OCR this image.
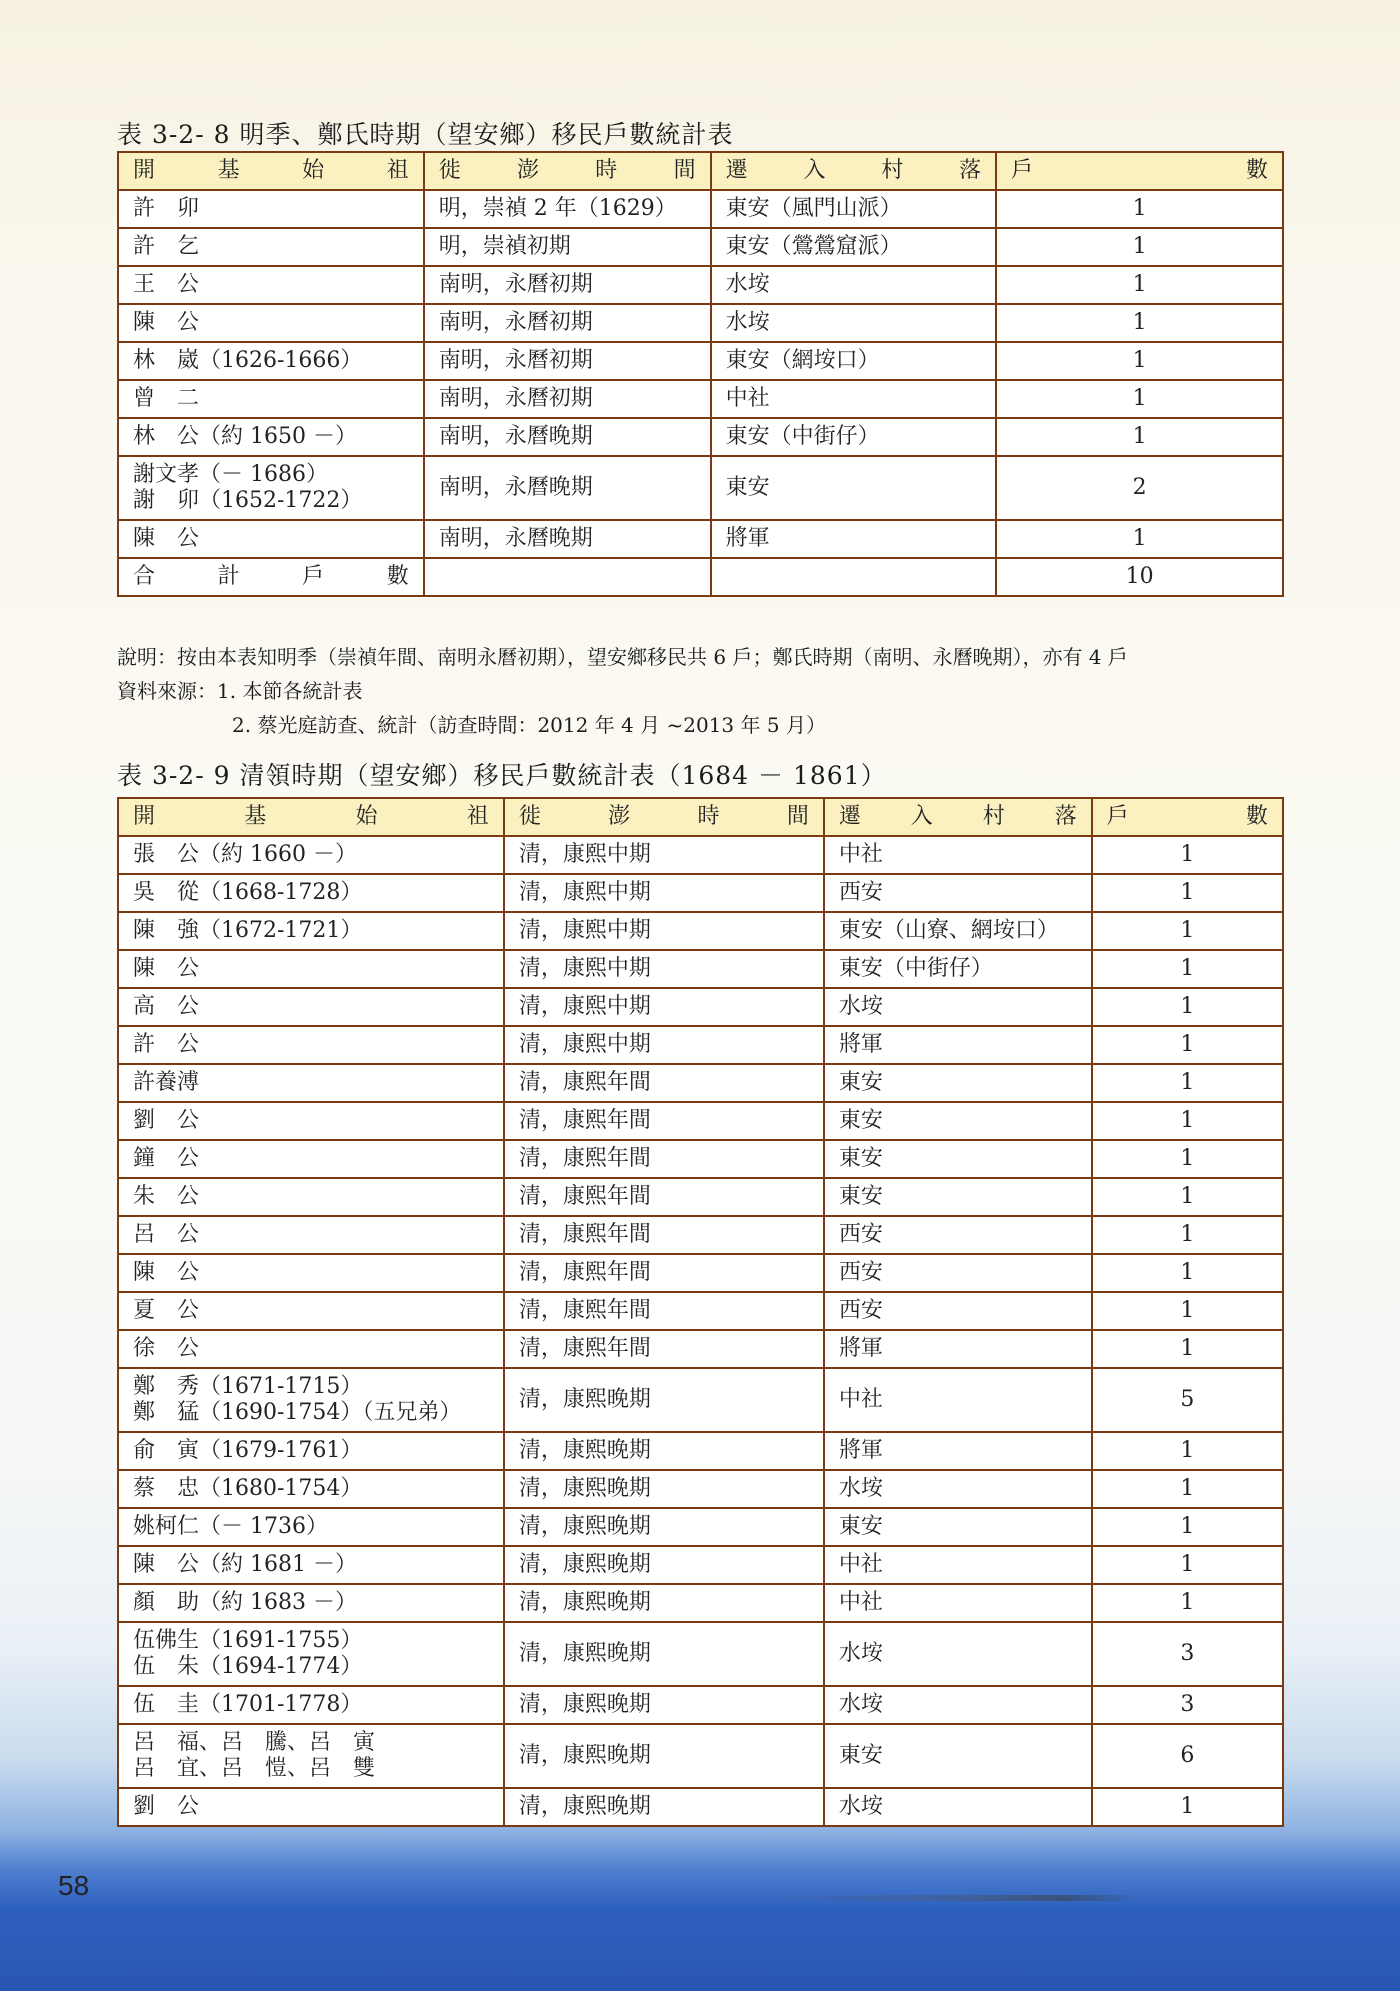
表 3-2- 8 明季、鄭氏時期（望安鄉）移民戶數統計表
開 基 始 祖	徙 澎 時 間	遷 入 村 落	戶 數

許　卯	明，崇禎 2 年（1629）	東安（風門山派）	1

許　乞	明，崇禎初期	東安（鶯鶯窟派）	1

王　公	南明，永曆初期	水垵	1

陳　公	南明，永曆初期	水垵	1

林　崴（1626-1666）	南明，永曆初期	東安（網垵口）	1

曾　二	南明，永曆初期	中社	1

林　公（約 1650 －）	南明，永曆晚期	東安（中街仔）	1

謝文孝（－ 1686）
謝　卯（1652-1722）	南明，永曆晚期	東安	2

陳　公	南明，永曆晚期	將軍	1

合 計 戶 數			10
說明：按由本表知明季（崇禎年間、南明永曆初期），望安鄉移民共 6 戶；鄭氏時期（南明、永曆晚期），亦有 4 戶
資料來源：1. 本節各統計表
2. 蔡光庭訪查、統計（訪查時間：2012 年 4 月 ~2013 年 5 月）
表 3-2- 9 清領時期（望安鄉）移民戶數統計表（1684 － 1861）
開 基 始 祖	徙 澎 時 間	遷 入 村 落	戶 數

張　公（約 1660 －）	清，康熙中期	中社	1

吳　從（1668-1728）	清，康熙中期	西安	1

陳　強（1672-1721）	清，康熙中期	東安（山寮、網垵口）	1

陳　公	清，康熙中期	東安（中街仔）	1

高　公	清，康熙中期	水垵	1

許　公	清，康熙中期	將軍	1

許養溥	清，康熙年間	東安	1

劉　公	清，康熙年間	東安	1

鐘　公	清，康熙年間	東安	1

朱　公	清，康熙年間	東安	1

呂　公	清，康熙年間	西安	1

陳　公	清，康熙年間	西安	1

夏　公	清，康熙年間	西安	1

徐　公	清，康熙年間	將軍	1

鄭　秀（1671-1715）
鄭　猛（1690-1754）（五兄弟）	清，康熙晚期	中社	5

俞　寅（1679-1761）	清，康熙晚期	將軍	1

蔡　忠（1680-1754）	清，康熙晚期	水垵	1

姚柯仁（－ 1736）	清，康熙晚期	東安	1

陳　公（約 1681 －）	清，康熙晚期	中社	1

顏　助（約 1683 －）	清，康熙晚期	中社	1

伍佛生（1691-1755）
伍　朱（1694-1774）	清，康熙晚期	水垵	3

伍　圭（1701-1778）	清，康熙晚期	水垵	3

呂　福、呂　騰、呂　寅
呂　宜、呂　愷、呂　雙	清，康熙晚期	東安	6

劉　公	清，康熙晚期	水垵	1
58
